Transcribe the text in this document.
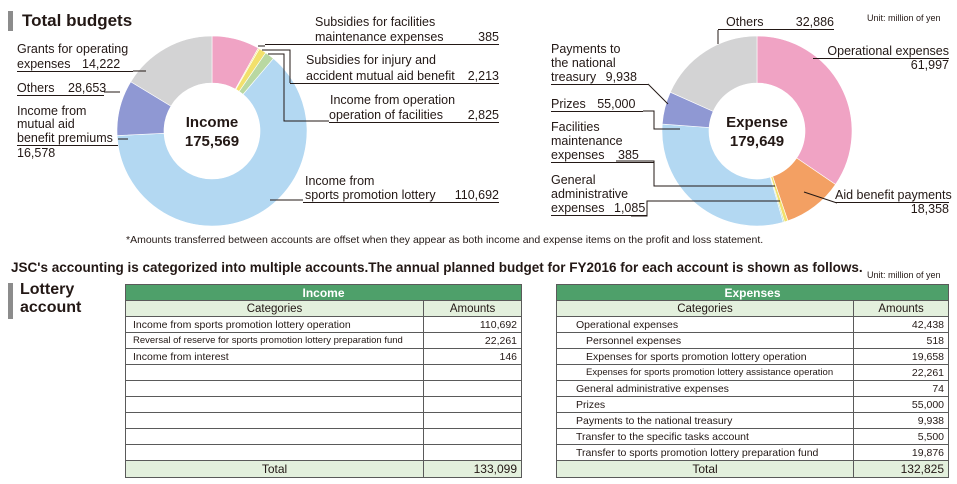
Total budgets	Unit: million of yen
Income
175,569
Grants for operating
expenses 14,222
Others 28,653
Income from
mutual aid
benefit premiums
16,578
Subsidies for facilities
maintenance expenses	385
Subsidies for injury and
accident mutual aid benefit 2,213
Income from operation
operation of facilities 2,825
Income from
sports promotion lottery 110,692
Expense
179,649
Others	32,886
Operational expenses
61,997
Payments to
the national
treasury 9,938
Prizes 55,000
Facilities
maintenance
expenses 385
General
administrative
expenses 1,085
Aid benefit payments
18,358
*Amounts transferred between accounts are offset when they appear as both income and expense items on the profit and loss statement.
JSC's accounting is categorized into multiple accounts.The annual planned budget for FY2016 for each account is shown as follows. Unit: million of yen
Lottery
account
Income	
Categories	Amounts
Income from sports promotion lottery operation	110,692
Reversal of reserve for sports promotion lottery preparation fund	22,261
Income from interest	146

Total	133,099
Expenses	
Categories	Amounts
Operational expenses	42,438
Personnel expenses	518
Expenses for sports promotion lottery operation	19,658
Expenses for sports promotion lottery assistance operation	22,261
General administrative expenses	74
Prizes	55,000
Payments to the national treasury	9,938
Transfer to the specific tasks account	5,500
Transfer to sports promotion lottery preparation fund	19,876
Total	132,825
